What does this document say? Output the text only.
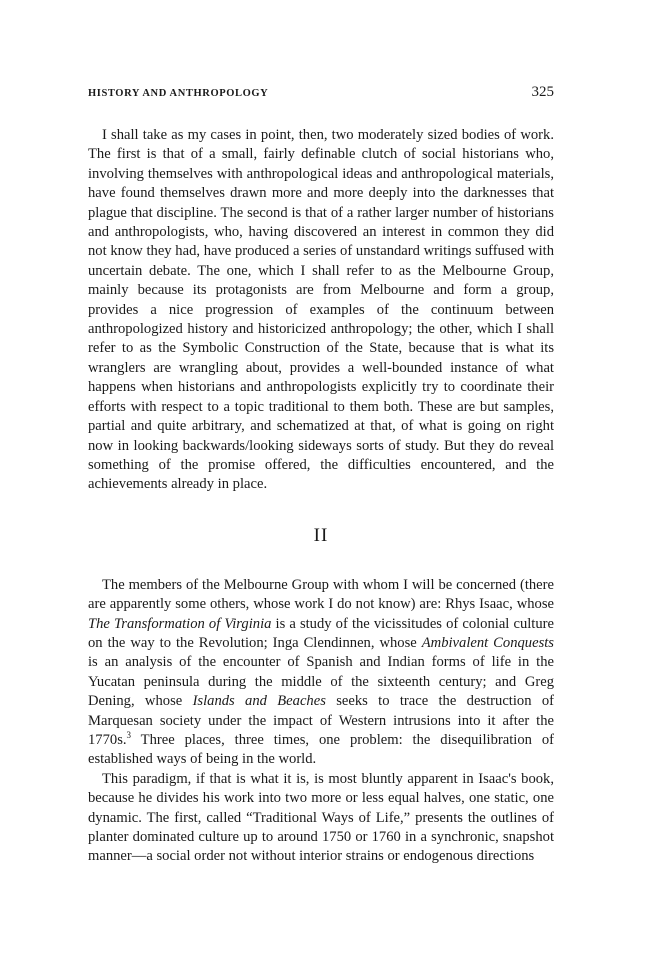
HISTORY AND ANTHROPOLOGY	325

I shall take as my cases in point, then, two moderately sized bodies of work. The first is that of a small, fairly definable clutch of social historians who, involving themselves with anthropological ideas and anthropological materials, have found themselves drawn more and more deeply into the darknesses that plague that discipline. The second is that of a rather larger number of historians and anthropologists, who, having discovered an interest in common they did not know they had, have produced a series of unstandard writings suffused with uncertain debate. The one, which I shall refer to as the Melbourne Group, mainly because its protagonists are from Melbourne and form a group, provides a nice progression of examples of the continuum between anthropologized history and historicized anthropology; the other, which I shall refer to as the Symbolic Construction of the State, because that is what its wranglers are wrangling about, provides a well-bounded instance of what happens when historians and anthropologists explicitly try to coordinate their efforts with respect to a topic traditional to them both. These are but samples, partial and quite arbitrary, and schematized at that, of what is going on right now in looking backwards/looking sideways sorts of study. But they do reveal something of the promise offered, the difficulties encountered, and the achievements already in place.

II

The members of the Melbourne Group with whom I will be concerned (there are apparently some others, whose work I do not know) are: Rhys Isaac, whose The Transformation of Virginia is a study of the vicissitudes of colonial culture on the way to the Revolution; Inga Clendinnen, whose Ambivalent Conquests is an analysis of the encounter of Spanish and Indian forms of life in the Yucatan peninsula during the middle of the sixteenth century; and Greg Dening, whose Islands and Beaches seeks to trace the destruction of Marquesan society under the impact of Western intrusions into it after the 1770s.$^3$ Three places, three times, one problem: the disequilibration of established ways of being in the world.

This paradigm, if that is what it is, is most bluntly apparent in Isaac's book, because he divides his work into two more or less equal halves, one static, one dynamic. The first, called “Traditional Ways of Life,” presents the outlines of planter dominated culture up to around 1750 or 1760 in a synchronic, snapshot manner—a social order not without interior strains or endogenous directions
